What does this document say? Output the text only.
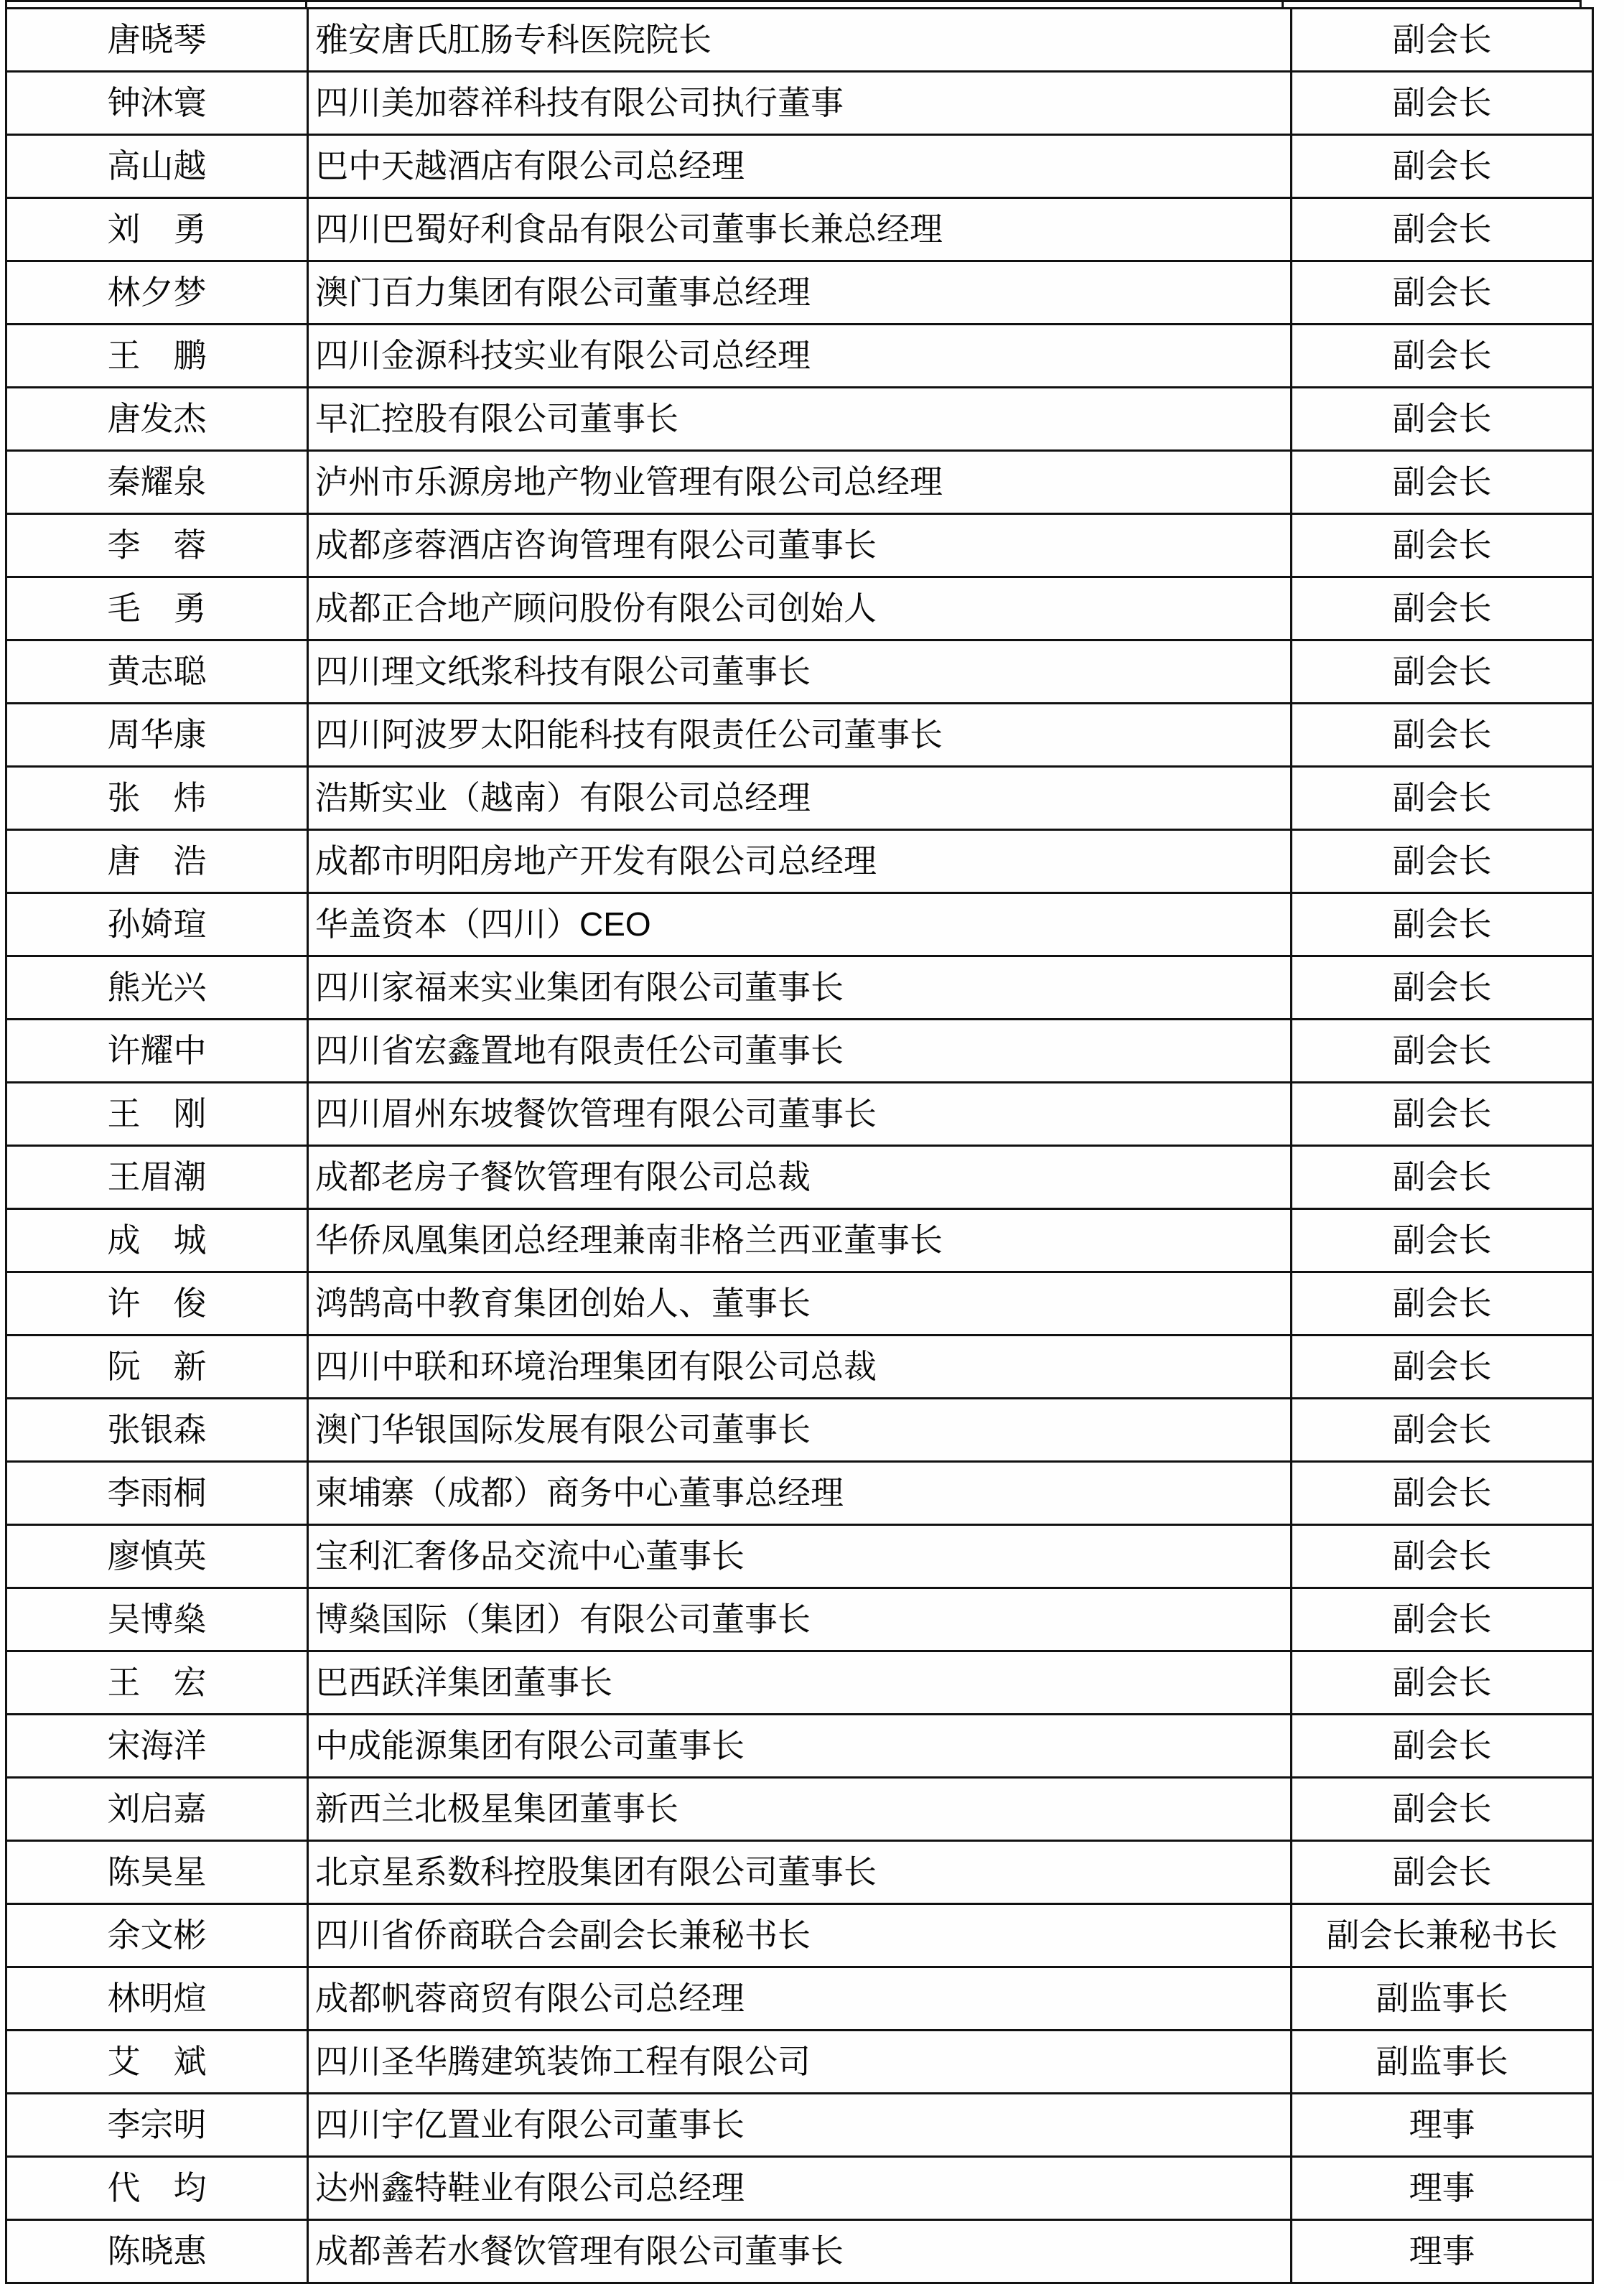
唐晓琴	雅安唐氏肛肠专科医院院长	副会长
钟沐寰	四川美加蓉祥科技有限公司执行董事	副会长
高山越	巴中天越酒店有限公司总经理	副会长
刘　勇	四川巴蜀好利食品有限公司董事长兼总经理	副会长
林夕梦	澳门百力集团有限公司董事总经理	副会长
王　鹏	四川金源科技实业有限公司总经理	副会长
唐发杰	早汇控股有限公司董事长	副会长
秦耀泉	泸州市乐源房地产物业管理有限公司总经理	副会长
李　蓉	成都彦蓉酒店咨询管理有限公司董事长	副会长
毛　勇	成都正合地产顾问股份有限公司创始人	副会长
黄志聪	四川理文纸浆科技有限公司董事长	副会长
周华康	四川阿波罗太阳能科技有限责任公司董事长	副会长
张　炜	浩斯实业（越南）有限公司总经理	副会长
唐　浩	成都市明阳房地产开发有限公司总经理	副会长
孙婍瑄	华盖资本（四川）CEO	副会长
熊光兴	四川家福来实业集团有限公司董事长	副会长
许耀中	四川省宏鑫置地有限责任公司董事长	副会长
王　刚	四川眉州东坡餐饮管理有限公司董事长	副会长
王眉潮	成都老房子餐饮管理有限公司总裁	副会长
成　城	华侨凤凰集团总经理兼南非格兰西亚董事长	副会长
许　俊	鸿鹄高中教育集团创始人、董事长	副会长
阮　新	四川中联和环境治理集团有限公司总裁	副会长
张银森	澳门华银国际发展有限公司董事长	副会长
李雨桐	柬埔寨（成都）商务中心董事总经理	副会长
廖慎英	宝利汇奢侈品交流中心董事长	副会长
吴博燊	博燊国际（集团）有限公司董事长	副会长
王　宏	巴西跃洋集团董事长	副会长
宋海洋	中成能源集团有限公司董事长	副会长
刘启嘉	新西兰北极星集团董事长	副会长
陈昊星	北京星系数科控股集团有限公司董事长	副会长
余文彬	四川省侨商联合会副会长兼秘书长	副会长兼秘书长
林明煊	成都帆蓉商贸有限公司总经理	副监事长
艾　斌	四川圣华腾建筑装饰工程有限公司	副监事长
李宗明	四川宇亿置业有限公司董事长	理事
代　均	达州鑫特鞋业有限公司总经理	理事
陈晓惠	成都善若水餐饮管理有限公司董事长	理事
